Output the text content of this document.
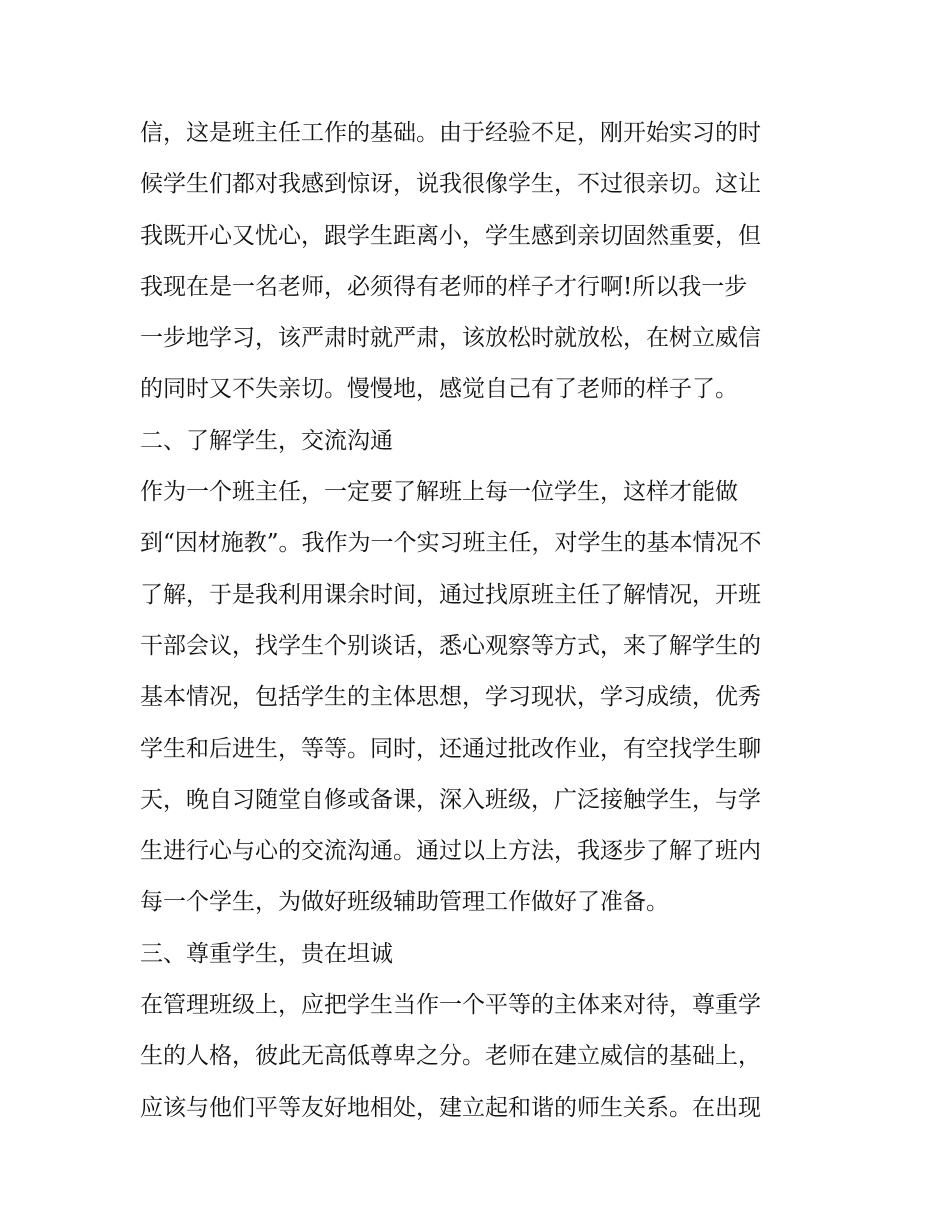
信，这是班主任工作的基础。由于经验不足，刚开始实习的时
候学生们都对我感到惊讶，说我很像学生，不过很亲切。这让
我既开心又忧心，跟学生距离小，学生感到亲切固然重要，但
我现在是一名老师，必须得有老师的样子才行啊!所以我一步
一步地学习，该严肃时就严肃，该放松时就放松，在树立威信
的同时又不失亲切。慢慢地，感觉自己有了老师的样子了。
二、了解学生，交流沟通
作为一个班主任，一定要了解班上每一位学生，这样才能做
到“因材施教”。我作为一个实习班主任，对学生的基本情况不
了解，于是我利用课余时间，通过找原班主任了解情况，开班
干部会议，找学生个别谈话，悉心观察等方式，来了解学生的
基本情况，包括学生的主体思想，学习现状，学习成绩，优秀
学生和后进生，等等。同时，还通过批改作业，有空找学生聊
天，晚自习随堂自修或备课，深入班级，广泛接触学生，与学
生进行心与心的交流沟通。通过以上方法，我逐步了解了班内
每一个学生，为做好班级辅助管理工作做好了准备。
三、尊重学生，贵在坦诚
在管理班级上，应把学生当作一个平等的主体来对待，尊重学
生的人格，彼此无高低尊卑之分。老师在建立威信的基础上，
应该与他们平等友好地相处，建立起和谐的师生关系。在出现
